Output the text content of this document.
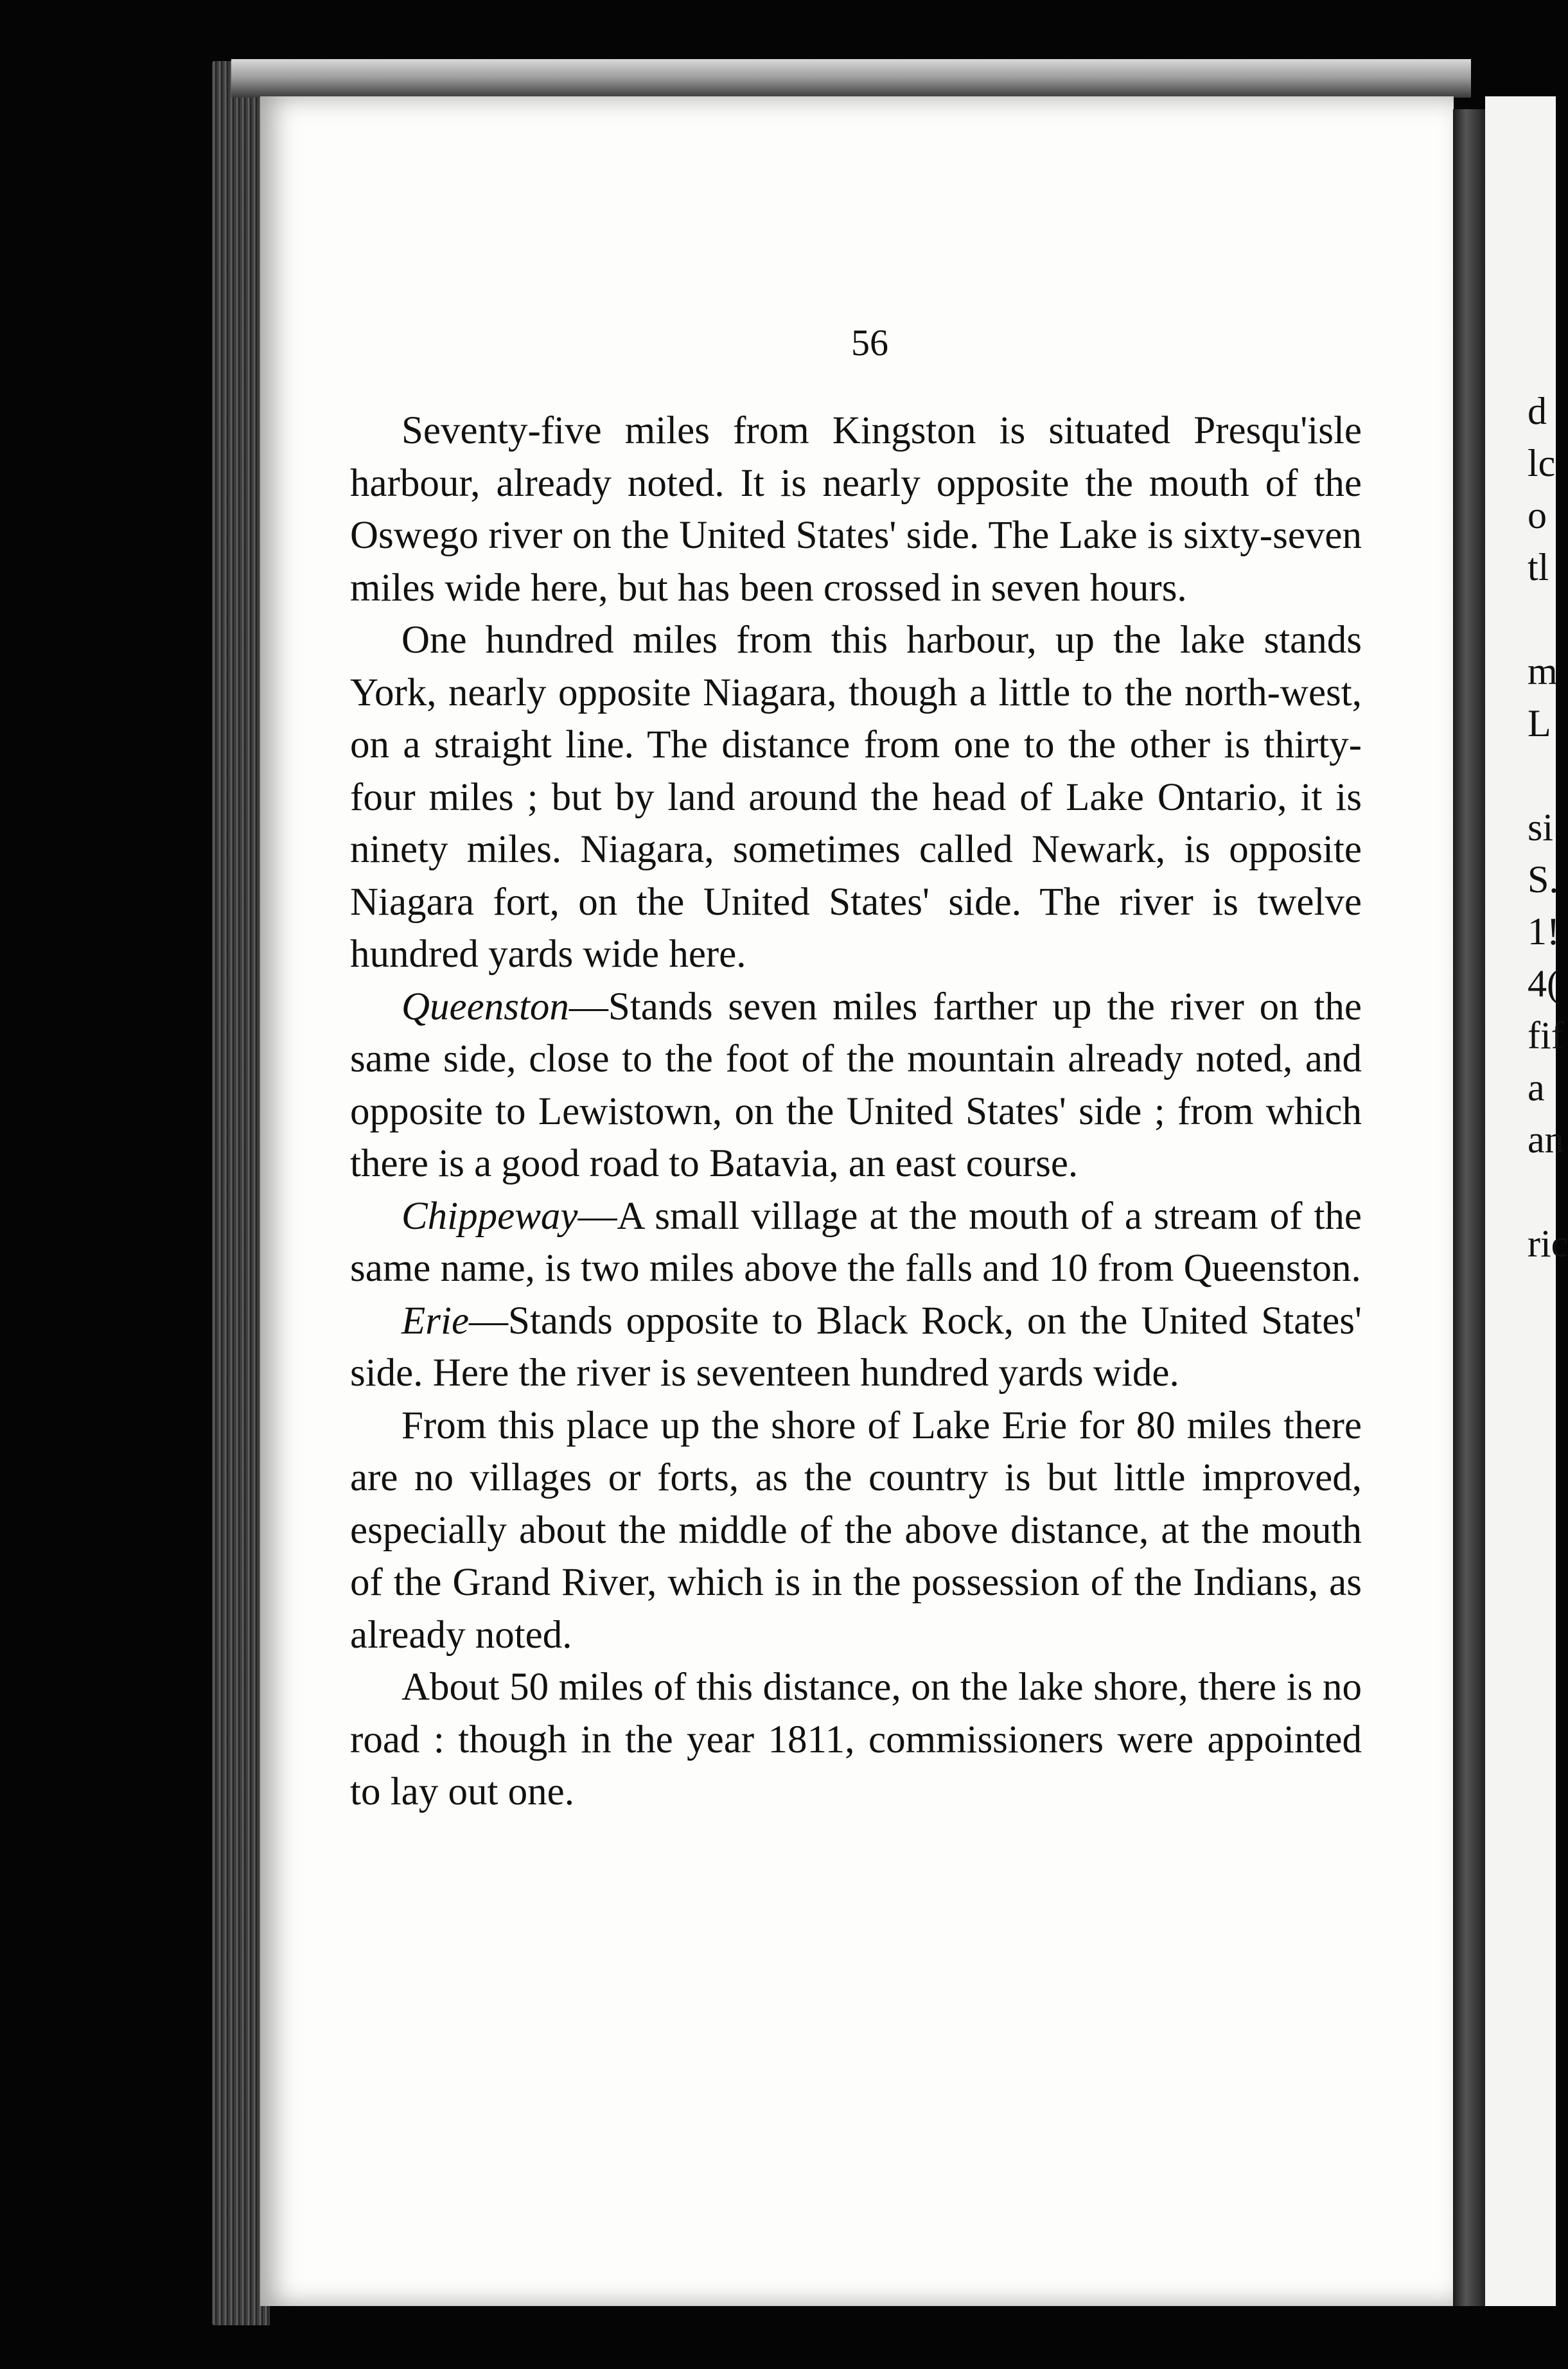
56

Seventy-five miles from Kingston is situated Presqu'isle harbour, already noted. It is nearly opposite the mouth of the Oswego river on the United States' side. The Lake is sixty-seven miles wide here, but has been crossed in seven hours.

One hundred miles from this harbour, up the lake stands York, nearly opposite Niagara, though a little to the north-west, on a straight line. The distance from one to the other is thirty-four miles ; but by land around the head of Lake Ontario, it is ninety miles. Niagara, sometimes called Newark, is opposite Niagara fort, on the United States' side. The river is twelve hundred yards wide here.

Queenston—Stands seven miles farther up the river on the same side, close to the foot of the mountain already noted, and opposite to Lewistown, on the United States' side ; from which there is a good road to Batavia, an east course.

Chippeway—A small village at the mouth of a stream of the same name, is two miles above the falls and 10 from Queenston.

Erie—Stands opposite to Black Rock, on the United States' side. Here the river is seventeen hundred yards wide.

From this place up the shore of Lake Erie for 80 miles there are no villages or forts, as the country is but little improved, especially about the middle of the above distance, at the mouth of the Grand River, which is in the possession of the Indians, as already noted.

About 50 miles of this distance, on the lake shore, there is no road : though in the year 1811, commissioners were appointed to lay out one.

d
lc
o
tl

m
L

si
S.
1!
4(
fif
a
an

ric
